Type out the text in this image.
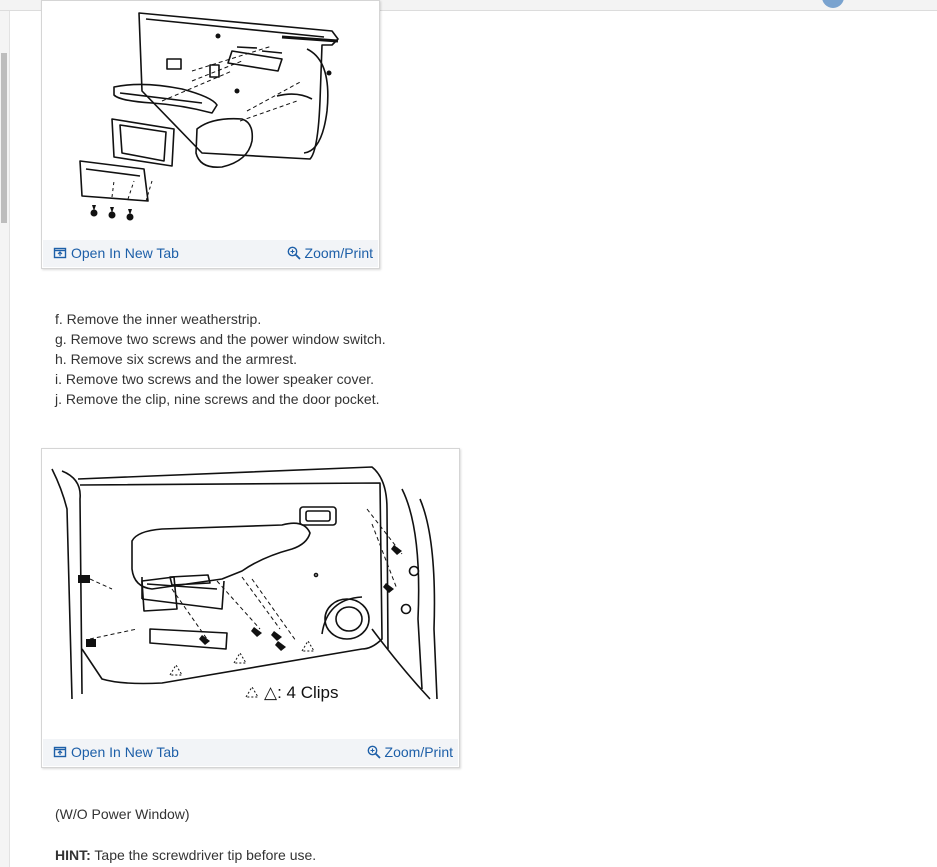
Open In New Tab	Zoom/Print

f. Remove the inner weatherstrip.

g. Remove two screws and the power window switch.

h. Remove six screws and the armrest.

i. Remove two screws and the lower speaker cover.

j. Remove the clip, nine screws and the door pocket.

△: 4 Clips
Open In New Tab	Zoom/Print
(W/O Power Window)
HINT: Tape the screwdriver tip before use.
